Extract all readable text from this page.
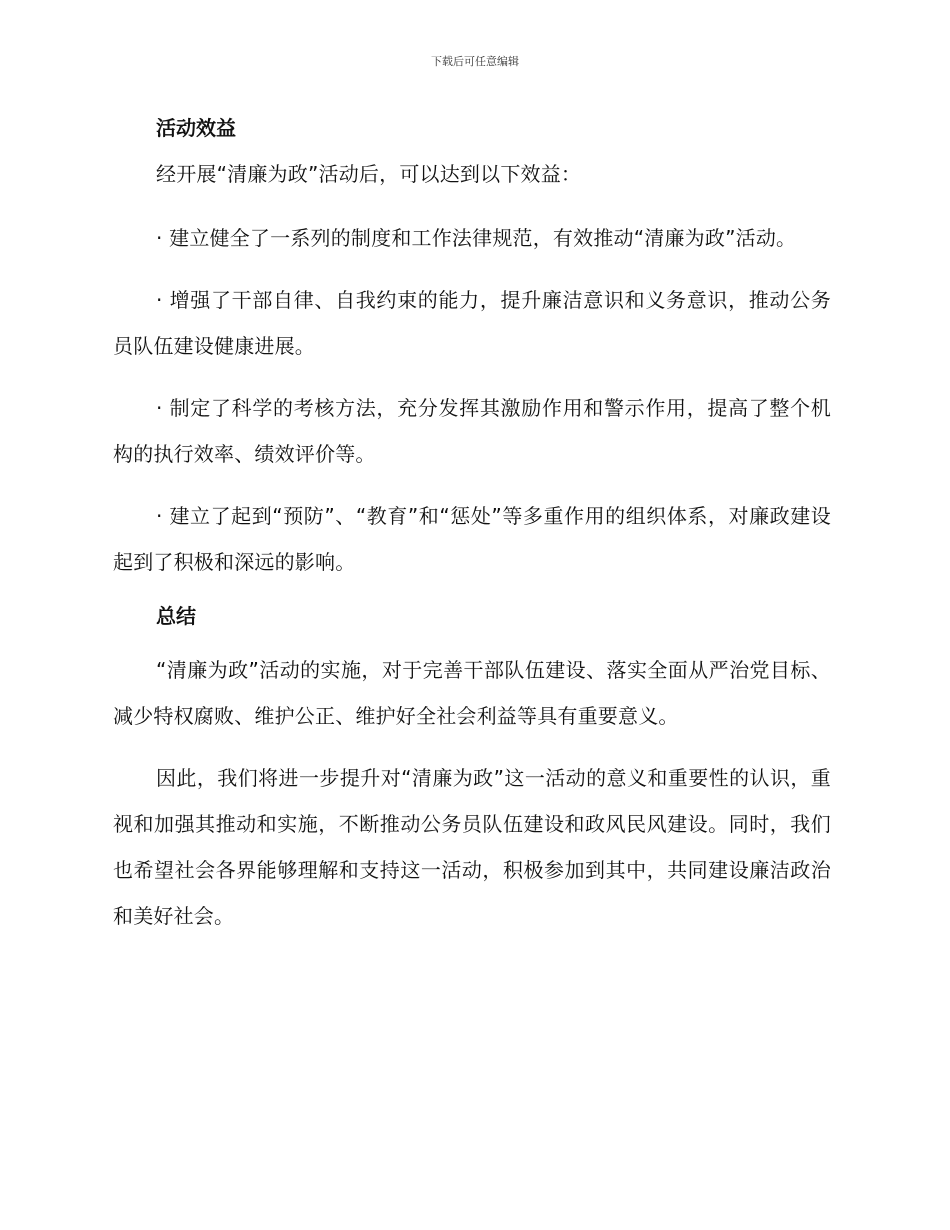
下载后可任意编辑
活动效益

经开展“清廉为政”活动后，可以达到以下效益：

· 建立健全了一系列的制度和工作法律规范，有效推动“清廉为政”活动。

· 增强了干部自律、自我约束的能力，提升廉洁意识和义务意识，推动公务员队伍建设健康进展。

· 制定了科学的考核方法，充分发挥其激励作用和警示作用，提高了整个机构的执行效率、绩效评价等。

· 建立了起到“预防”、“教育”和“惩处”等多重作用的组织体系，对廉政建设起到了积极和深远的影响。

总结

“清廉为政”活动的实施，对于完善干部队伍建设、落实全面从严治党目标、减少特权腐败、维护公正、维护好全社会利益等具有重要意义。

因此，我们将进一步提升对“清廉为政”这一活动的意义和重要性的认识，重视和加强其推动和实施，不断推动公务员队伍建设和政风民风建设。同时，我们也希望社会各界能够理解和支持这一活动，积极参加到其中，共同建设廉洁政治和美好社会。
